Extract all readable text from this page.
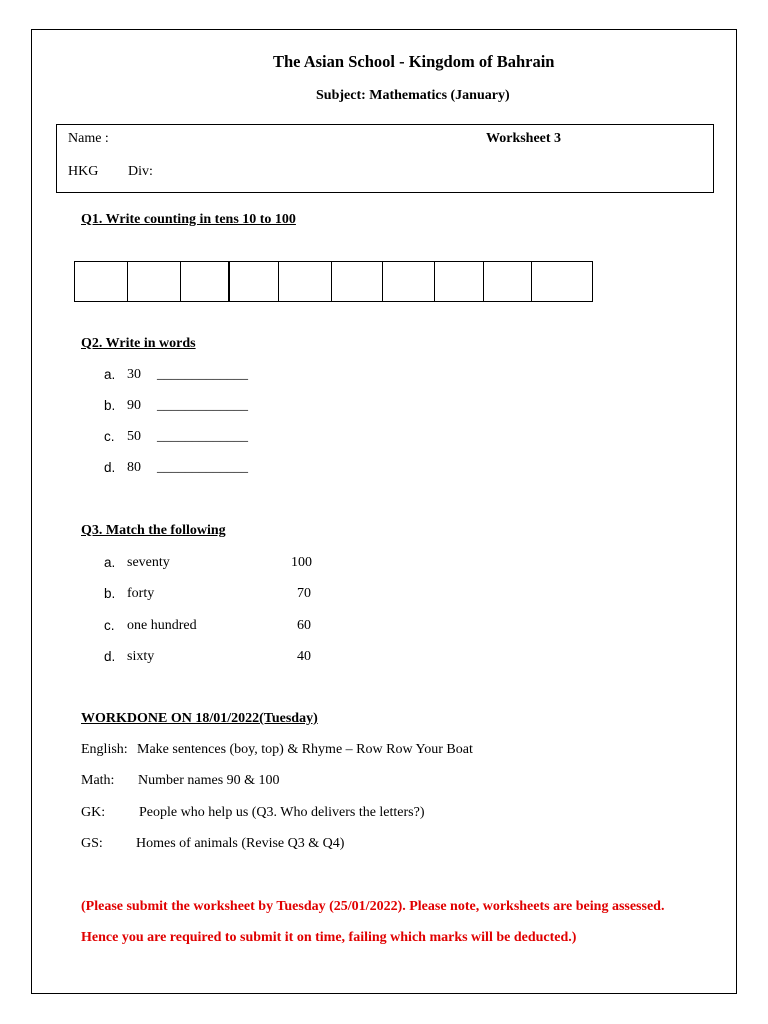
The Asian School - Kingdom of Bahrain
Subject: Mathematics (January)
Name :	Worksheet 3
HKG Div:
Q1. Write counting in tens 10 to 100
Q2. Write in words
a. 30 _____________
b. 90 _____________
c. 50 _____________
d. 80 _____________
Q3. Match the following
a. seventy	100
b. forty	70
c. one hundred	60
d. sixty	40
WORKDONE ON 18/01/2022(Tuesday)
English: Make sentences (boy, top) & Rhyme – Row Row Your Boat
Math: Number names 90 & 100
GK: People who help us (Q3. Who delivers the letters?)
GS: Homes of animals (Revise Q3 & Q4)
(Please submit the worksheet by Tuesday (25/01/2022). Please note, worksheets are being assessed.
Hence you are required to submit it on time, failing which marks will be deducted.)
